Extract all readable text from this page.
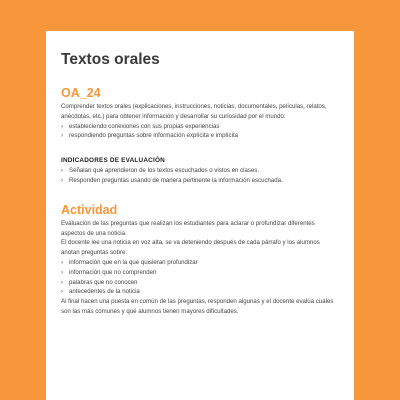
Textos orales
OA_24

Comprender textos orales (explicaciones, instrucciones, noticias, documentales, películas, relatos, anécdotas, etc.) para obtener información y desarrollar su curiosidad por el mundo:

› estableciendo conexiones con sus propias experiencias
› respondiendo preguntas sobre información explícita e implícita
INDICADORES DE EVALUACIÓN
› Señalan qué aprendieron de los textos escuchados o vistos en clases.
› Responden preguntas usando de manera pertinente la información escuchada.
Actividad

Evaluación de las preguntas que realizan los estudiantes para aclarar o profundizar diferentes aspectos de una noticia.

El docente lee una noticia en voz alta, se va deteniendo después de cada párrafo y los alumnos anotan preguntas sobre:

› información que en la que quisieran profundizar
› información que no comprenden
› palabras que no conocen
› antecedentes de la noticia

Al final hacen una puesta en común de las preguntas, responden algunas y el docente evalúa cuáles son las más comunes y qué alumnos tienen mayores dificultades.
